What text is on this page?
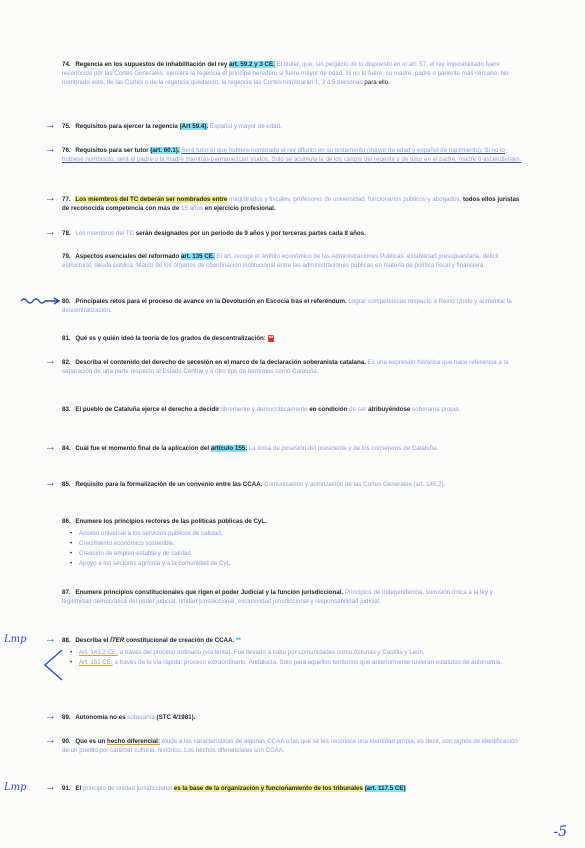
74. Regencia en los supuestos de inhabilitación del rey art. 59.2 y 3 CE. El titular, que, sin perjuicio de lo dispuesto en el art. 57, el rey imposibilitado fuere reconocido por las Cortes Generales, ejercerá la regencia el príncipe heredero si fuere mayor de edad. Si no lo fuere, su madre, padre o pariente más cercano. No nombrado esto, de las Cortes o de la regencia quedando, la regencia las Cortes nombrarán 1, 3 ó 5 personas para ello.
→ 75. Requisitos para ejercer la regencia (Art 59.4). Español y mayor de edad.
→ 76. Requisitos para ser tutor (art. 60.1). Será tutor el que hubiere nombrado el rey difunto en su testamento (mayor de edad y español de nacimiento). Si no lo hubiese nombrado, será el padre o la madre mientras permanezcan viudos. Solo se acumula la de los cargos del regente y de tutor en el padre, madre o ascendientes.
→ 77. Los miembros del TC deberán ser nombrados entre magistrados y fiscales, profesores de universidad, funcionarios públicos y abogados, todos ellos juristas de reconocida competencia con más de 15 años en ejercicio profesional.
→ 78. Los miembros del TC serán designados por un periodo de 9 años y por terceras partes cada 8 años.
79. Aspectos esenciales del reformado art. 135 CE. El art. recoge el ámbito económico de las Administraciones Públicas: estabilidad presupuestaria, déficit estructural, deuda pública. Marco de los órganos de coordinación institucional entre las administraciones públicas en materia de política fiscal y financiera.
80. Principales retos para el proceso de avance en la Devolución en Escocia tras el referéndum. Lograr competencias respecto a Reino Unido y aumentar la descentralización.
81. Qué es y quién ideó la teoría de los grados de descentralización: **
→ 82. Describa el contenido del derecho de secesión en el marco de la declaración soberanista catalana. Es una expresión histórica que hace referencia a la separación de una parte respecto al Estado Central y a otro tipo de territorios como Cataluña.
83. El pueblo de Cataluña ejerce el derecho a decidir libremente y democráticamente en condición de ser atribuyéndose soberanía propia.
→ 84. Cuál fue el momento final de la aplicación del artículo 155. La toma de posesión del presidente y de los consejeros de Cataluña.
→ 85. Requisito para la formalización de un convenio entre las CCAA. Comunicación y autorización de las Cortes Generales (art. 145.2).
86. Enumere los principios rectores de las políticas públicas de CyL.
• Acceso universal a los servicios públicos de calidad.
• Crecimiento económico sostenible.
• Creación de empleo estable y de calidad.
• Apoyo a los sectores agrícola y a la comunidad de CyL.
87. Enumere principios constitucionales que rigen el poder Judicial y la función jurisdiccional. Principios de independencia, sumisión única a la ley y legitimidad democrática del poder judicial, unidad jurisdiccional, exclusividad jurisdiccional y responsabilidad judicial.
Lmp → 88. Describa el ÍTER constitucional de creación de CCAA. **
• Art. 143.2 CE, a través del proceso ordinario (vía lenta). Fue llevado a cabo por comunidades como Asturias y Castilla y León.
• Art. 151 CE, a través de la vía rápida: proceso extraordinario. Andalucía. Solo para aquellos territorios que anteriormente tuvieran estatutos de autonomía.
→ 89. Autonomía no es soberanía (STC 4/1981).
→ 90. Que es un hecho diferencial: Alude a las características de algunas CCAA a las que se les reconoce una identidad propia, es decir, son signos de identificación de un pueblo por carácter cultural, histórico. Los hechos diferenciales son CCAA.
Lmp → 91. El principio de unidad jurisdiccional es la base de la organización y funcionamiento de los tribunales (art. 117.5 CE)
-5
